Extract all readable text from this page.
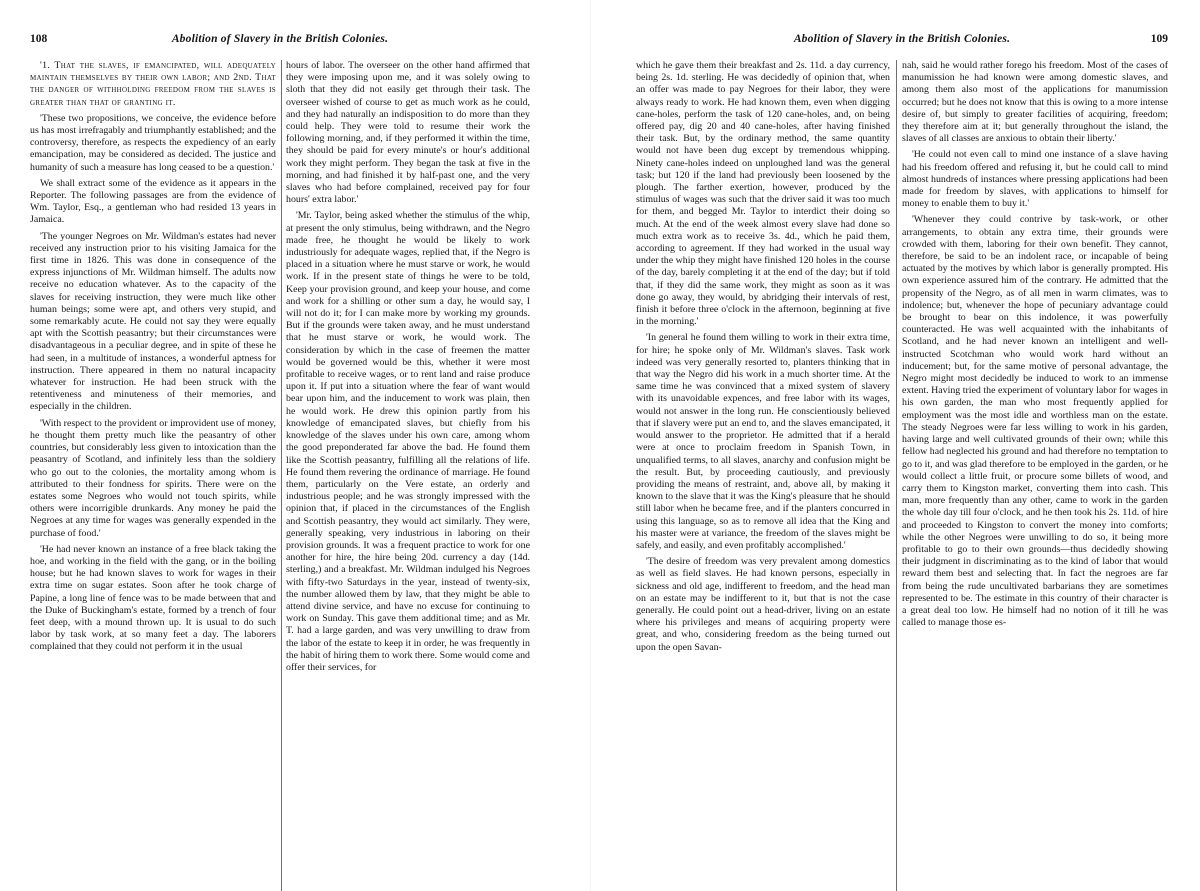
108	Abolition of Slavery in the British Colonies.

'1. That the slaves, if emancipated, will adequately maintain themselves by their own labor; and 2nd. That the danger of withholding freedom from the slaves is greater than that of granting it.

'These two propositions, we conceive, the evidence before us has most irrefragably and triumphantly established; and the controversy, therefore, as respects the expediency of an early emancipation, may be considered as decided. The justice and humanity of such a measure has long ceased to be a question.'

We shall extract some of the evidence as it appears in the Reporter. The following passages are from the evidence of Wm. Taylor, Esq., a gentleman who had resided 13 years in Jamaica.

'The younger Negroes on Mr. Wildman's estates had never received any instruction prior to his visiting Jamaica for the first time in 1826. This was done in consequence of the express injunctions of Mr. Wildman himself. The adults now receive no education whatever. As to the capacity of the slaves for receiving instruction, they were much like other human beings; some were apt, and others very stupid, and some remarkably acute. He could not say they were equally apt with the Scottish peasantry; but their circumstances were disadvantageous in a peculiar degree, and in spite of these he had seen, in a multitude of instances, a wonderful aptness for instruction. There appeared in them no natural incapacity whatever for instruction. He had been struck with the retentiveness and minuteness of their memories, and especially in the children.

'With respect to the provident or improvident use of money, he thought them pretty much like the peasantry of other countries, but considerably less given to intoxication than the peasantry of Scotland, and infinitely less than the soldiery who go out to the colonies, the mortality among whom is attributed to their fondness for spirits. There were on the estates some Negroes who would not touch spirits, while others were incorrigible drunkards. Any money he paid the Negroes at any time for wages was generally expended in the purchase of food.'

'He had never known an instance of a free black taking the hoe, and working in the field with the gang, or in the boiling house; but he had known slaves to work for wages in their extra time on sugar estates. Soon after he took charge of Papine, a long line of fence was to be made between that and the Duke of Buckingham's estate, formed by a trench of four feet deep, with a mound thrown up. It is usual to do such labor by task work, at so many feet a day. The laborers complained that they could not perform it in the usual

hours of labor. The overseer on the other hand affirmed that they were imposing upon me, and it was solely owing to sloth that they did not easily get through their task. The overseer wished of course to get as much work as he could, and they had naturally an indisposition to do more than they could help. They were told to resume their work the following morning, and, if they performed it within the time, they should be paid for every minute's or hour's additional work they might perform. They began the task at five in the morning, and had finished it by half-past one, and the very slaves who had before complained, received pay for four hours' extra labor.'

'Mr. Taylor, being asked whether the stimulus of the whip, at present the only stimulus, being withdrawn, and the Negro made free, he thought he would be likely to work industriously for adequate wages, replied that, if the Negro is placed in a situation where he must starve or work, he would work. If in the present state of things he were to be told, Keep your provision ground, and keep your house, and come and work for a shilling or other sum a day, he would say, I will not do it; for I can make more by working my grounds. But if the grounds were taken away, and he must understand that he must starve or work, he would work. The consideration by which in the case of freemen the matter would be governed would be this, whether it were most profitable to receive wages, or to rent land and raise produce upon it. If put into a situation where the fear of want would bear upon him, and the inducement to work was plain, then he would work. He drew this opinion partly from his knowledge of emancipated slaves, but chiefly from his knowledge of the slaves under his own care, among whom the good preponderated far above the bad. He found them like the Scottish peasantry, fulfilling all the relations of life. He found them revering the ordinance of marriage. He found them, particularly on the Vere estate, an orderly and industrious people; and he was strongly impressed with the opinion that, if placed in the circumstances of the English and Scottish peasantry, they would act similarly. They were, generally speaking, very industrious in laboring on their provision grounds. It was a frequent practice to work for one another for hire, the hire being 20d. currency a day (14d. sterling,) and a breakfast. Mr. Wildman indulged his Negroes with fifty-two Saturdays in the year, instead of twenty-six, the number allowed them by law, that they might be able to attend divine service, and have no excuse for continuing to work on Sunday. This gave them additional time; and as Mr. T. had a large garden, and was very unwilling to draw from the labor of the estate to keep it in order, he was frequently in the habit of hiring them to work there. Some would come and offer their services, for

Abolition of Slavery in the British Colonies.	109

which he gave them their breakfast and 2s. 11d. a day currency, being 2s. 1d. sterling. He was decidedly of opinion that, when an offer was made to pay Negroes for their labor, they were always ready to work. He had known them, even when digging cane-holes, perform the task of 120 cane-holes, and, on being offered pay, dig 20 and 40 cane-holes, after having finished their task. But, by the ordinary method, the same quantity would not have been dug except by tremendous whipping. Ninety cane-holes indeed on unploughed land was the general task; but 120 if the land had previously been loosened by the plough. The farther exertion, however, produced by the stimulus of wages was such that the driver said it was too much for them, and begged Mr. Taylor to interdict their doing so much. At the end of the week almost every slave had done so much extra work as to receive 3s. 4d., which he paid them, according to agreement. If they had worked in the usual way under the whip they might have finished 120 holes in the course of the day, barely completing it at the end of the day; but if told that, if they did the same work, they might as soon as it was done go away, they would, by abridging their intervals of rest, finish it before three o'clock in the afternoon, beginning at five in the morning.'

'In general he found them willing to work in their extra time, for hire; he spoke only of Mr. Wildman's slaves. Task work indeed was very generally resorted to, planters thinking that in that way the Negro did his work in a much shorter time. At the same time he was convinced that a mixed system of slavery with its unavoidable expences, and free labor with its wages, would not answer in the long run. He conscientiously believed that if slavery were put an end to, and the slaves emancipated, it would answer to the proprietor. He admitted that if a herald were at once to proclaim freedom in Spanish Town, in unqualified terms, to all slaves, anarchy and confusion might be the result. But, by proceeding cautiously, and previously providing the means of restraint, and, above all, by making it known to the slave that it was the King's pleasure that he should still labor when he became free, and if the planters concurred in using this language, so as to remove all idea that the King and his master were at variance, the freedom of the slaves might be safely, and easily, and even profitably accomplished.'

'The desire of freedom was very prevalent among domestics as well as field slaves. He had known persons, especially in sickness and old age, indifferent to freedom, and the head man on an estate may be indifferent to it, but that is not the case generally. He could point out a head-driver, living on an estate where his privileges and means of acquiring property were great, and who, considering freedom as the being turned out upon the open Savan-

nah, said he would rather forego his freedom. Most of the cases of manumission he had known were among domestic slaves, and among them also most of the applications for manumission occurred; but he does not know that this is owing to a more intense desire of, but simply to greater facilities of acquiring, freedom; they therefore aim at it; but generally throughout the island, the slaves of all classes are anxious to obtain their liberty.'

'He could not even call to mind one instance of a slave having had his freedom offered and refusing it, but he could call to mind almost hundreds of instances where pressing applications had been made for freedom by slaves, with applications to himself for money to enable them to buy it.'

'Whenever they could contrive by task-work, or other arrangements, to obtain any extra time, their grounds were crowded with them, laboring for their own benefit. They cannot, therefore, be said to be an indolent race, or incapable of being actuated by the motives by which labor is generally prompted. His own experience assured him of the contrary. He admitted that the propensity of the Negro, as of all men in warm climates, was to indolence; but, whenever the hope of pecuniary advantage could be brought to bear on this indolence, it was powerfully counteracted. He was well acquainted with the inhabitants of Scotland, and he had never known an intelligent and well-instructed Scotchman who would work hard without an inducement; but, for the same motive of personal advantage, the Negro might most decidedly be induced to work to an immense extent. Having tried the experiment of voluntary labor for wages in his own garden, the man who most frequently applied for employment was the most idle and worthless man on the estate. The steady Negroes were far less willing to work in his garden, having large and well cultivated grounds of their own; while this fellow had neglected his ground and had therefore no temptation to go to it, and was glad therefore to be employed in the garden, or he would collect a little fruit, or procure some billets of wood, and carry them to Kingston market, converting them into cash. This man, more frequently than any other, came to work in the garden the whole day till four o'clock, and he then took his 2s. 11d. of hire and proceeded to Kingston to convert the money into comforts; while the other Negroes were unwilling to do so, it being more profitable to go to their own grounds—thus decidedly showing their judgment in discriminating as to the kind of labor that would reward them best and selecting that. In fact the negroes are far from being the rude uncultivated barbarians they are sometimes represented to be. The estimate in this country of their character is a great deal too low. He himself had no notion of it till he was called to manage those es-
